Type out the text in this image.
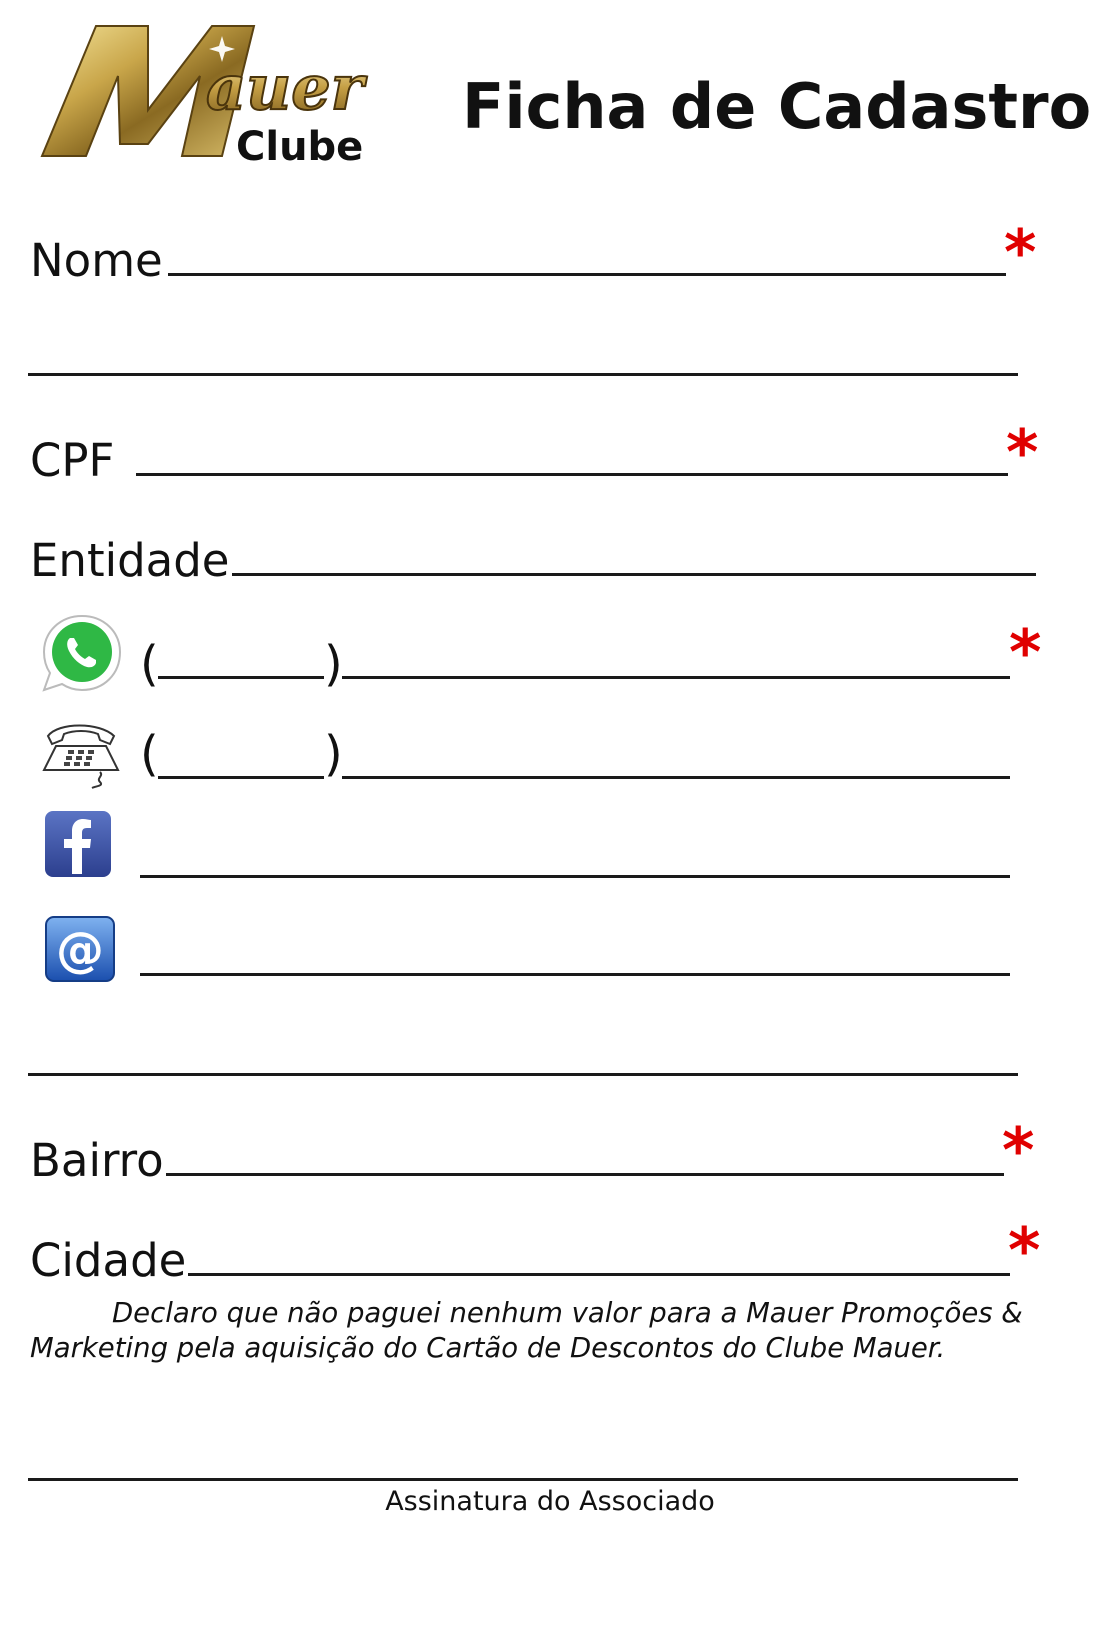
auer
Clube
Ficha de Cadastro
Nome	*
CPF	*
Entidade
(	)	*
(	)
@
Bairro	*
Cidade	*
Declaro que não paguei nenhum valor para a Mauer Promoções & Marketing pela aquisição do Cartão de Descontos do Clube Mauer.
Assinatura do Associado
